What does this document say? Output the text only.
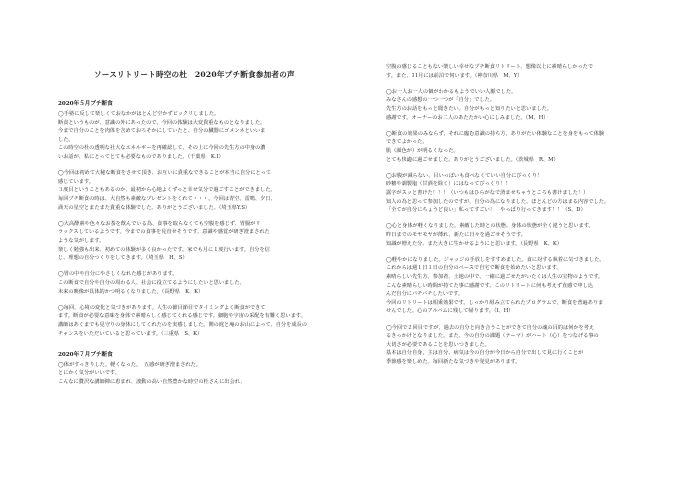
ソースリトリート時空の杜　2020年プチ断食参加者の声
2020年５月プチ断食
◯手塾に反して楽しくておなかがはとんど空かずビックリしました。
断食というものが、意識の外にあったので、今回の体験は大変貴重なものとなりました。
今まで自分のことを肉体を含めておろそかにしていたと、自分の臓器にゴメンネといいま
した。
この時空の杜の透明な社大なエネルギーを再確認して、その上に今回の先生方の中身の濃
いお話が、私にとってとても必要なものでありました。（千葉県　K.I）
◯今回は初めて大秘な断食をさせて頂き、お互いに貴重なできることが本当に自分にとって
感じています。
３度目ということもあるのか、最初から心地よくずっと幸せ気分で過ごすことができました。
毎回ブチ断食の時は、大自然も素敵なプレゼントをくれて・・・。今回は青空、雷鳴、夕日、
満天の星空とまたまた貴重な体験でした。ありがとうございました。（埼玉県Y.S）
◯大高酵素や色々なお茶を飲んでいる為、食事を取らなくても空腹を感じず、胃腸がリ
ラックスしているようです。今までの食事を見直せそうです。意識や感覚が研ぎ澄まされた
ような気がします。
楽しく勉強も出来、初めての体験が多く良かったです。家でも月に１度行います。自分を信
じ、理想の自分つくりをしてきます。（埼玉県　H、S）
◯胃の中や自分にやさしくなれた感じがあります。
この断食で自分や自分の周わる人、社会に役立てるようにしたいと思いました。
未来の映像が具体的かつ明るくなりました。（長野県　K、K）
◯毎回、心境の変化と気づきがあります。人生の節目節目でタイミングよく断食ができて
ます。断食が必要な意味を身体で素晴らしく感じてくれる感じです。細胞や宇宙の采配を有難く思います。
講師はあくまでも見守りの身体にしてくれたのを実感しました。開の庭と庵のお山によって、自分を成長の
チャンスをいただいていると思っています。（三重県　S、K）
2020年７月プチ断食
◯体がすっきりした。軽くなった。　五感が研ぎ澄まされた。
とにかく気分がいいです。
こんなに贅沢な講師陣に恵まれ、波動の高い自然豊かな時空の杜さんに出会れ、
空腹の感じることもない楽しい幸せなプチ断食リトリート、想像以上に素晴らしかったで
す。また、11月には前泊で伺います。（神奈川県　M、Y）
◯お一人お一人の個がわかるもようでいい人脈でした。
みなさんの感想の一つ一つが「自分」でした。
先生方のお話をもっと聞きたい。自分がもっと知りたいと思いました。
感謝です。オーナーのお二人のあたたかい心にしみました。（M、H）
◯断食の効果のみならず、それに臨む意識の持ち方、ありがたい体験なことを身をもって体験
できてよかった。
肌（顔色が）が明るくなった。
とても快適に過ごせました。ありがとうございました。（茨城県　R、M）
◯お腹が減らない、目いっぱいも食べなくていい自分にびっくり！
砂糖や調製塩（甘酒を除く）にはなってびっくり！！
露字がスッと書けた！！！（いつもはひらがなで済ませちゃうところも書けました！）
知人の為と思って参加したのですが、自分の為になりました。ほとんどの方はまる内容でした。
「全てが自分にちょうど良い」私ってすごい！　やっぱり行ってきます！！（S、D）
◯心と身体が軽くなりました。素敵した時との状態。身体の状態が全く違うと思います。
昨日までのモヤモヤが薄れ、新たに日々を過ごせそうです。
知識が増えた分、また大きに生かせるようにと思います。（長野県　K、K）
◯軽やかになりました。ジャッジの手放しをすすめました。食に対する執着に気づきました。
これからは週１日１日の自分のペースで自宅で断食を始めたいと思います。
素晴らしい先生方、参加者、土地の中で、一緒に過ごせたがいたくは人生の宝物のようです。
こんな素晴らしい時間が持てた事に感謝です。このリトリートに何も考えず直感で申し込
んだ自分にバチバチしたいです。
今回のリトリートは相乗効果です。しっかり組み立てられたプログラムで、断食を普遍ありま
せんでした。心のアルバムに残して帰ります。（I、H）
◯今回で２回目ですが、過去の自分と向き合うことができて自分の魂の目的は何かを考え
るきっかけとなりました。また、今の自分の課題（テーマ）がハート（心）をつなげる事の
大切さが必要であることを思いつきました。
基本は自分自身、主は自分、病気は今の自分が今日から自分で出して見に行くことが
季節感を楽しめた。毎回新たな気づきや発見があります。
